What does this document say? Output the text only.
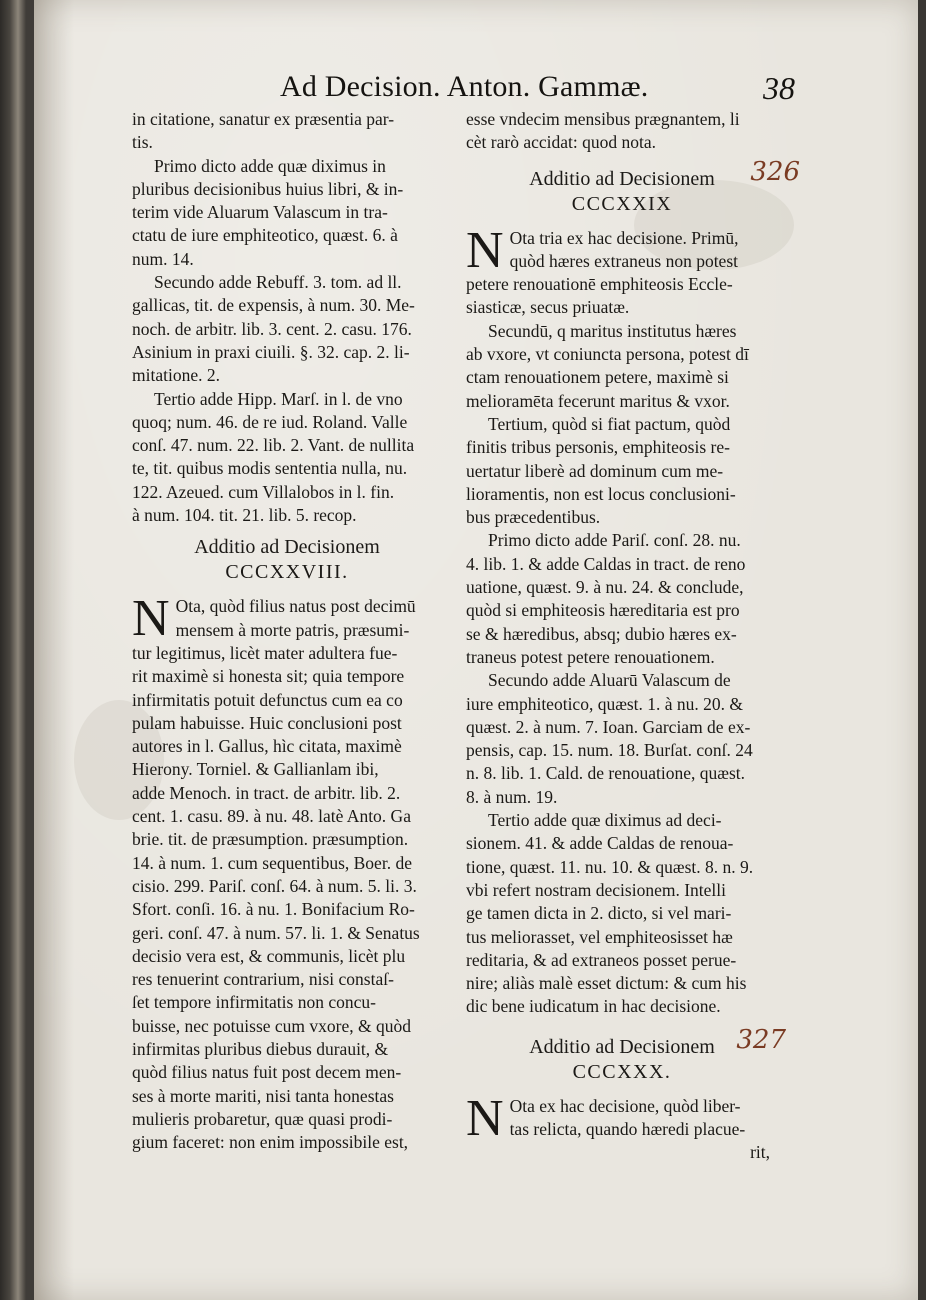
Ad Decision. Anton. Gammæ.	38
in citatione, sanatur ex præsentia par-
tis.
Primo dicto adde quæ diximus in
pluribus decisionibus huius libri, & in-
terim vide Aluarum Valascum in tra-
ctatu de iure emphiteotico, quæst. 6. à
num. 14.
Secundo adde Rebuff. 3. tom. ad ll.
gallicas, tit. de expensis, à num. 30. Me-
noch. de arbitr. lib. 3. cent. 2. casu. 176.
Asinium in praxi ciuili. §. 32. cap. 2. li-
mitatione. 2.
Tertio adde Hipp. Marſ. in l. de vno
quoq; num. 46. de re iud. Roland. Valle
conſ. 47. num. 22. lib. 2. Vant. de nullita
te, tit. quibus modis sententia nulla, nu.
122. Azeued. cum Villalobos in l. fin.
à num. 104. tit. 21. lib. 5. recop.
Additio ad Decisionem
CCCXXVIII.
N Ota, quòd filius natus post decimū
mensem à morte patris, præsumi-
tur legitimus, licèt mater adultera fue-
rit maximè si honesta sit; quia tempore
infirmitatis potuit defunctus cum ea co
pulam habuisse. Huic conclusioni post
autores in l. Gallus, hìc citata, maximè
Hierony. Torniel. & Gallianlam ibi,
adde Menoch. in tract. de arbitr. lib. 2.
cent. 1. casu. 89. à nu. 48. latè Anto. Ga
brie. tit. de præsumption. præsumption.
14. à num. 1. cum sequentibus, Boer. de
cisio. 299. Pariſ. conſ. 64. à num. 5. li. 3.
Sfort. conſi. 16. à nu. 1. Bonifacium Ro-
geri. conſ. 47. à num. 57. li. 1. & Senatus
decisio vera est, & communis, licèt plu
res tenuerint contrarium, nisi constaſ-
ſet tempore infirmitatis non concu-
buisse, nec potuisse cum vxore, & quòd
infirmitas pluribus diebus durauit, &
quòd filius natus fuit post decem men-
ses à morte mariti, nisi tanta honestas
mulieris probaretur, quæ quasi prodi-
gium faceret: non enim impossibile est,
esse vndecim mensibus prægnantem, li
cèt rarò accidat: quod nota.
Additio ad Decisionem
CCCXXIX
326
N Ota tria ex hac decisione. Primū,
quòd hæres extraneus non potest
petere renouationē emphiteosis Eccle-
siasticæ, secus priuatæ.
Secundū, q maritus institutus hæres
ab vxore, vt coniuncta persona, potest dī
ctam renouationem petere, maximè si
melioramēta fecerunt maritus & vxor.
Tertium, quòd si fiat pactum, quòd
finitis tribus personis, emphiteosis re-
uertatur liberè ad dominum cum me-
lioramentis, non est locus conclusioni-
bus præcedentibus.
Primo dicto adde Pariſ. conſ. 28. nu.
4. lib. 1. & adde Caldas in tract. de reno
uatione, quæst. 9. à nu. 24. & conclude,
quòd si emphiteosis hæreditaria est pro
se & hæredibus, absq; dubio hæres ex-
traneus potest petere renouationem.
Secundo adde Aluarū Valascum de
iure emphiteotico, quæst. 1. à nu. 20. &
quæst. 2. à num. 7. Ioan. Garciam de ex-
pensis, cap. 15. num. 18. Burſat. conſ. 24
n. 8. lib. 1. Cald. de renouatione, quæst.
8. à num. 19.
Tertio adde quæ diximus ad deci-
sionem. 41. & adde Caldas de renoua-
tione, quæst. 11. nu. 10. & quæst. 8. n. 9.
vbi refert nostram decisionem. Intelli
ge tamen dicta in 2. dicto, si vel mari-
tus meliorasset, vel emphiteosisset hæ
reditaria, & ad extraneos posset perue-
nire; aliàs malè esset dictum: & cum his
dic bene iudicatum in hac decisione.
Additio ad Decisionem
CCCXXX.
327
N Ota ex hac decisione, quòd liber-
tas relicta, quando hæredi placue-
rit,
